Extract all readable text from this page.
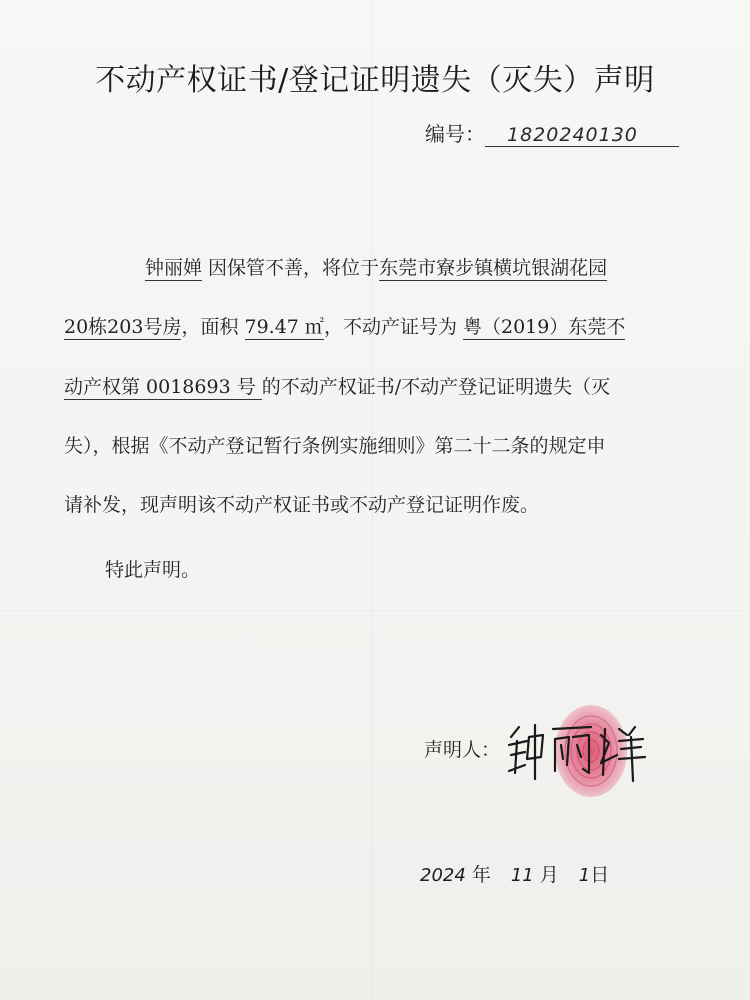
不动产权证书/登记证明遗失（灭失）声明
编号： 1820240130
钟丽婵 因保管不善，将位于东莞市寮步镇横坑银湖花园
20栋203号房，面积 79.47 ㎡，不动产证号为 粤（2019）东莞不
动产权第 0018693 号 的不动产权证书/不动产登记证明遗失（灭
失），根据《不动产登记暂行条例实施细则》第二十二条的规定申
请补发，现声明该不动产权证书或不动产登记证明作废。
特此声明。
声明人：
2024 年 11 月 1日
